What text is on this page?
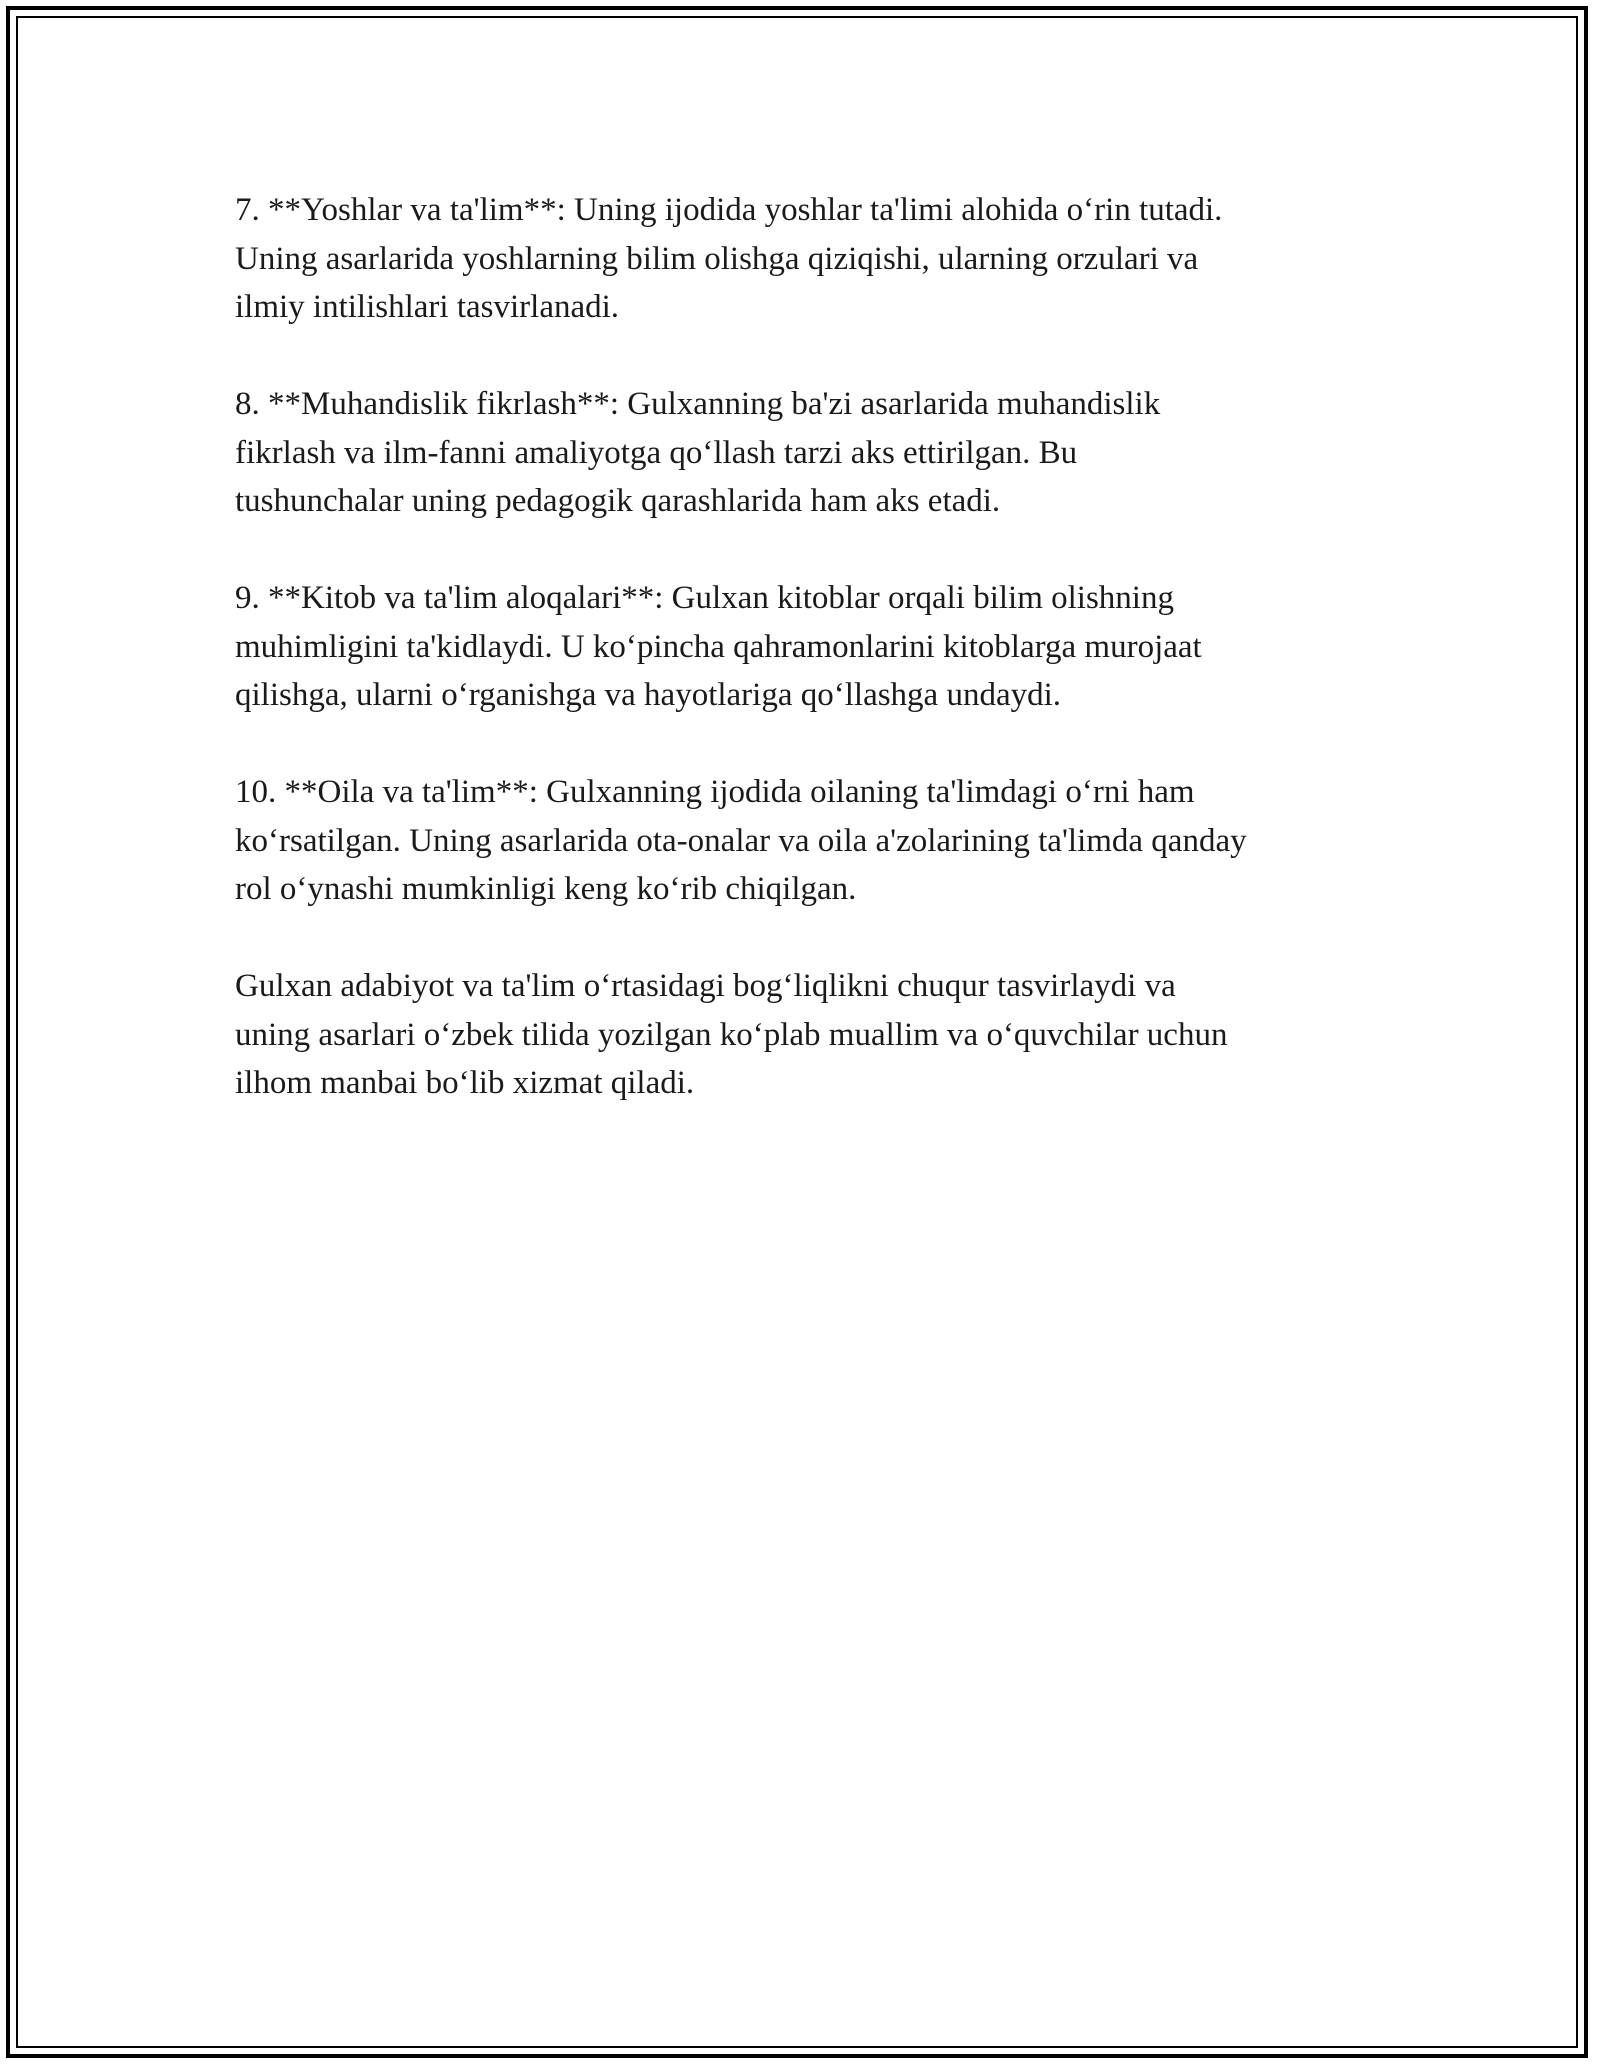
7. **Yoshlar va ta'lim**: Uning ijodida yoshlar ta'limi alohida o‘rin tutadi.
Uning asarlarida yoshlarning bilim olishga qiziqishi, ularning orzulari va
ilmiy intilishlari tasvirlanadi.

8. **Muhandislik fikrlash**: Gulxanning ba'zi asarlarida muhandislik
fikrlash va ilm-fanni amaliyotga qo‘llash tarzi aks ettirilgan. Bu
tushunchalar uning pedagogik qarashlarida ham aks etadi.

9. **Kitob va ta'lim aloqalari**: Gulxan kitoblar orqali bilim olishning
muhimligini ta'kidlaydi. U ko‘pincha qahramonlarini kitoblarga murojaat
qilishga, ularni o‘rganishga va hayotlariga qo‘llashga undaydi.

10. **Oila va ta'lim**: Gulxanning ijodida oilaning ta'limdagi o‘rni ham
ko‘rsatilgan. Uning asarlarida ota-onalar va oila a'zolarining ta'limda qanday
rol o‘ynashi mumkinligi keng ko‘rib chiqilgan.

Gulxan adabiyot va ta'lim o‘rtasidagi bog‘liqlikni chuqur tasvirlaydi va
uning asarlari o‘zbek tilida yozilgan ko‘plab muallim va o‘quvchilar uchun
ilhom manbai bo‘lib xizmat qiladi.
